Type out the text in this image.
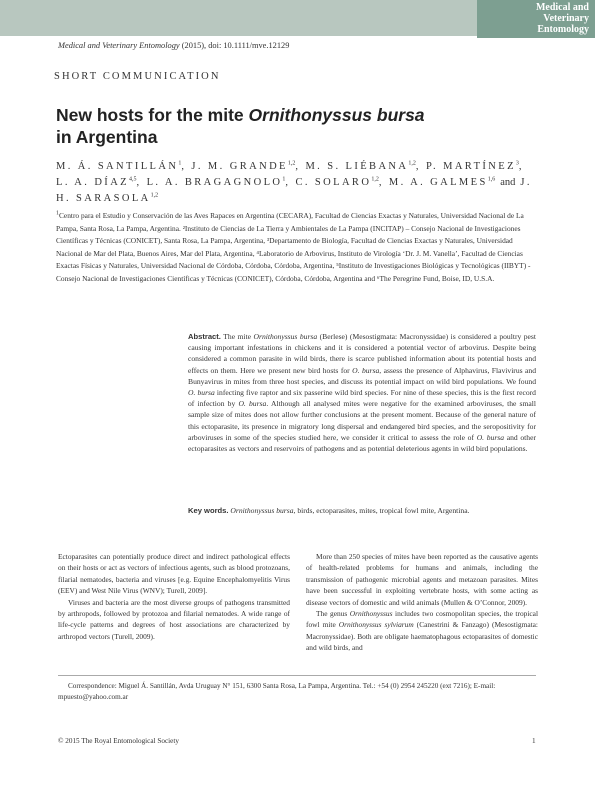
Medical and
Veterinary
Entomology
Medical and Veterinary Entomology (2015), doi: 10.1111/mve.12129
SHORT COMMUNICATION
New hosts for the mite Ornithonyssus bursa
in Argentina
M. Á. SANTILLÁN$^1$, J. M. GRANDE$^{1,2}$, M. S. LIÉBANA$^{1,2}$, P. MARTÍNEZ$^3$, L. A. DÍAZ$^{4,5}$, L. A. BRAGAGNOLO$^1$, C. SOLARO$^{1,2}$, M. A. GALMES$^{1,6}$ and J. H. SARASOLA$^{1,2}$
$^1$Centro para el Estudio y Conservación de las Aves Rapaces en Argentina (CECARA), Facultad de Ciencias Exactas y Naturales, Universidad Nacional de La Pampa, Santa Rosa, La Pampa, Argentina. ²Instituto de Ciencias de La Tierra y Ambientales de La Pampa (INCITAP) – Consejo Nacional de Investigaciones Científicas y Técnicas (CONICET), Santa Rosa, La Pampa, Argentina, ³Departamento de Biología, Facultad de Ciencias Exactas y Naturales, Universidad Nacional de Mar del Plata, Buenos Aires, Mar del Plata, Argentina, ⁴Laboratorio de Arbovirus, Instituto de Virología ‘Dr. J. M. Vanella’, Facultad de Ciencias Exactas Físicas y Naturales, Universidad Nacional de Córdoba, Córdoba, Córdoba, Argentina, ⁵Instituto de Investigaciones Biológicas y Tecnológicas (IIBYT) - Consejo Nacional de Investigaciones Científicas y Técnicas (CONICET), Córdoba, Córdoba, Argentina and ⁶The Peregrine Fund, Boise, ID, U.S.A.
Abstract. The mite Ornithonyssus bursa (Berlese) (Mesostigmata: Macronyssidae) is considered a poultry pest causing important infestations in chickens and it is considered a potential vector of arbovirus. Despite being considered a common parasite in wild birds, there is scarce published information about its potential hosts and effects on them. Here we present new bird hosts for O. bursa, assess the presence of Alphavirus, Flavivirus and Bunyavirus in mites from three host species, and discuss its potential impact on wild bird populations. We found O. bursa infecting five raptor and six passerine wild bird species. For nine of these species, this is the first record of infection by O. bursa. Although all analysed mites were negative for the examined arboviruses, the small sample size of mites does not allow further conclusions at the present moment. Because of the general nature of this ectoparasite, its presence in migratory long dispersal and endangered bird species, and the seropositivity for arboviruses in some of the species studied here, we consider it critical to assess the role of O. bursa and other ectoparasites as vectors and reservoirs of pathogens and as potential deleterious agents in wild bird populations.
Key words. Ornithonyssus bursa, birds, ectoparasites, mites, tropical fowl mite, Argentina.

Ectoparasites can potentially produce direct and indirect pathological effects on their hosts or act as vectors of infectious agents, such as blood protozoans, filarial nematodes, bacteria and viruses [e.g. Equine Encephalomyelitis Virus (EEV) and West Nile Virus (WNV); Turell, 2009].

Viruses and bacteria are the most diverse groups of pathogens transmitted by arthropods, followed by protozoa and filarial nematodes. A wide range of life-cycle patterns and degrees of host associations are characterized by arthropod vectors (Turell, 2009).

More than 250 species of mites have been reported as the causative agents of health-related problems for humans and animals, including the transmission of pathogenic microbial agents and metazoan parasites. Mites have been successful in exploiting vertebrate hosts, with some acting as disease vectors of domestic and wild animals (Mullen & O’Connor, 2009).

The genus Ornithonyssus includes two cosmopolitan species, the tropical fowl mite Ornithonyssus sylviarum (Canestrini & Fanzago) (Mesostigmata: Macronyssidae). Both are obligate haematophagous ectoparasites of domestic and wild birds, and

Correspondence: Miguel Á. Santillán, Avda Uruguay N° 151, 6300 Santa Rosa, La Pampa, Argentina. Tel.: +54 (0) 2954 245220 (ext 7216); E-mail: mpuesto@yahoo.com.ar
© 2015 The Royal Entomological Society	1
